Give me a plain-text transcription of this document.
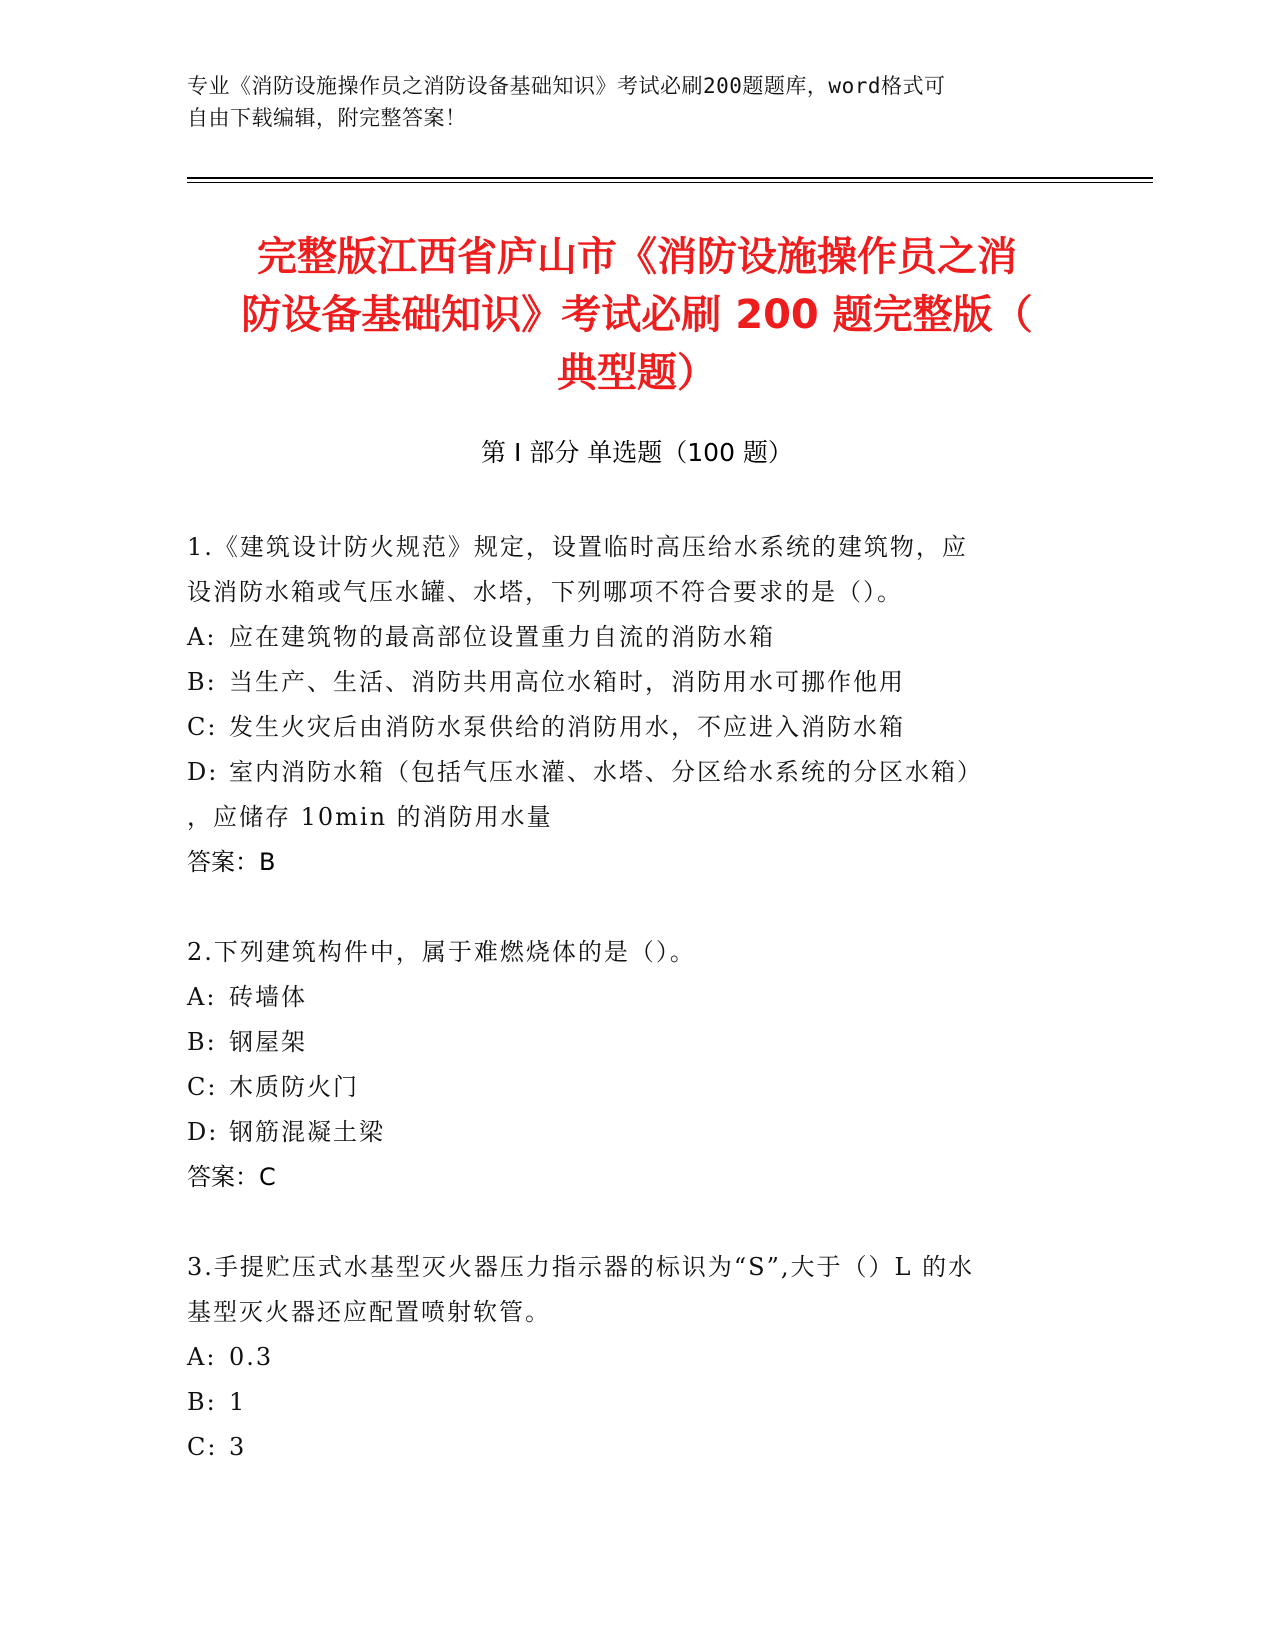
专业《消防设施操作员之消防设备基础知识》考试必刷200题题库，word格式可
自由下载编辑，附完整答案！
完整版江西省庐山市《消防设施操作员之消
防设备基础知识》考试必刷 200 题完整版（
典型题）
第 I 部分 单选题（100 题）
1.《建筑设计防火规范》规定，设置临时高压给水系统的建筑物，应
设消防水箱或气压水罐、水塔，下列哪项不符合要求的是（）。
A: 应在建筑物的最高部位设置重力自流的消防水箱
B: 当生产、生活、消防共用高位水箱时，消防用水可挪作他用
C: 发生火灾后由消防水泵供给的消防用水，不应进入消防水箱
D: 室内消防水箱（包括气压水灌、水塔、分区给水系统的分区水箱）
，应储存 10min 的消防用水量
答案：B
2.下列建筑构件中，属于难燃烧体的是（）。
A: 砖墙体
B: 钢屋架
C: 木质防火门
D: 钢筋混凝土梁
答案：C
3.手提贮压式水基型灭火器压力指示器的标识为“S”,大于（）L 的水
基型灭火器还应配置喷射软管。
A: 0.3
B: 1
C: 3
